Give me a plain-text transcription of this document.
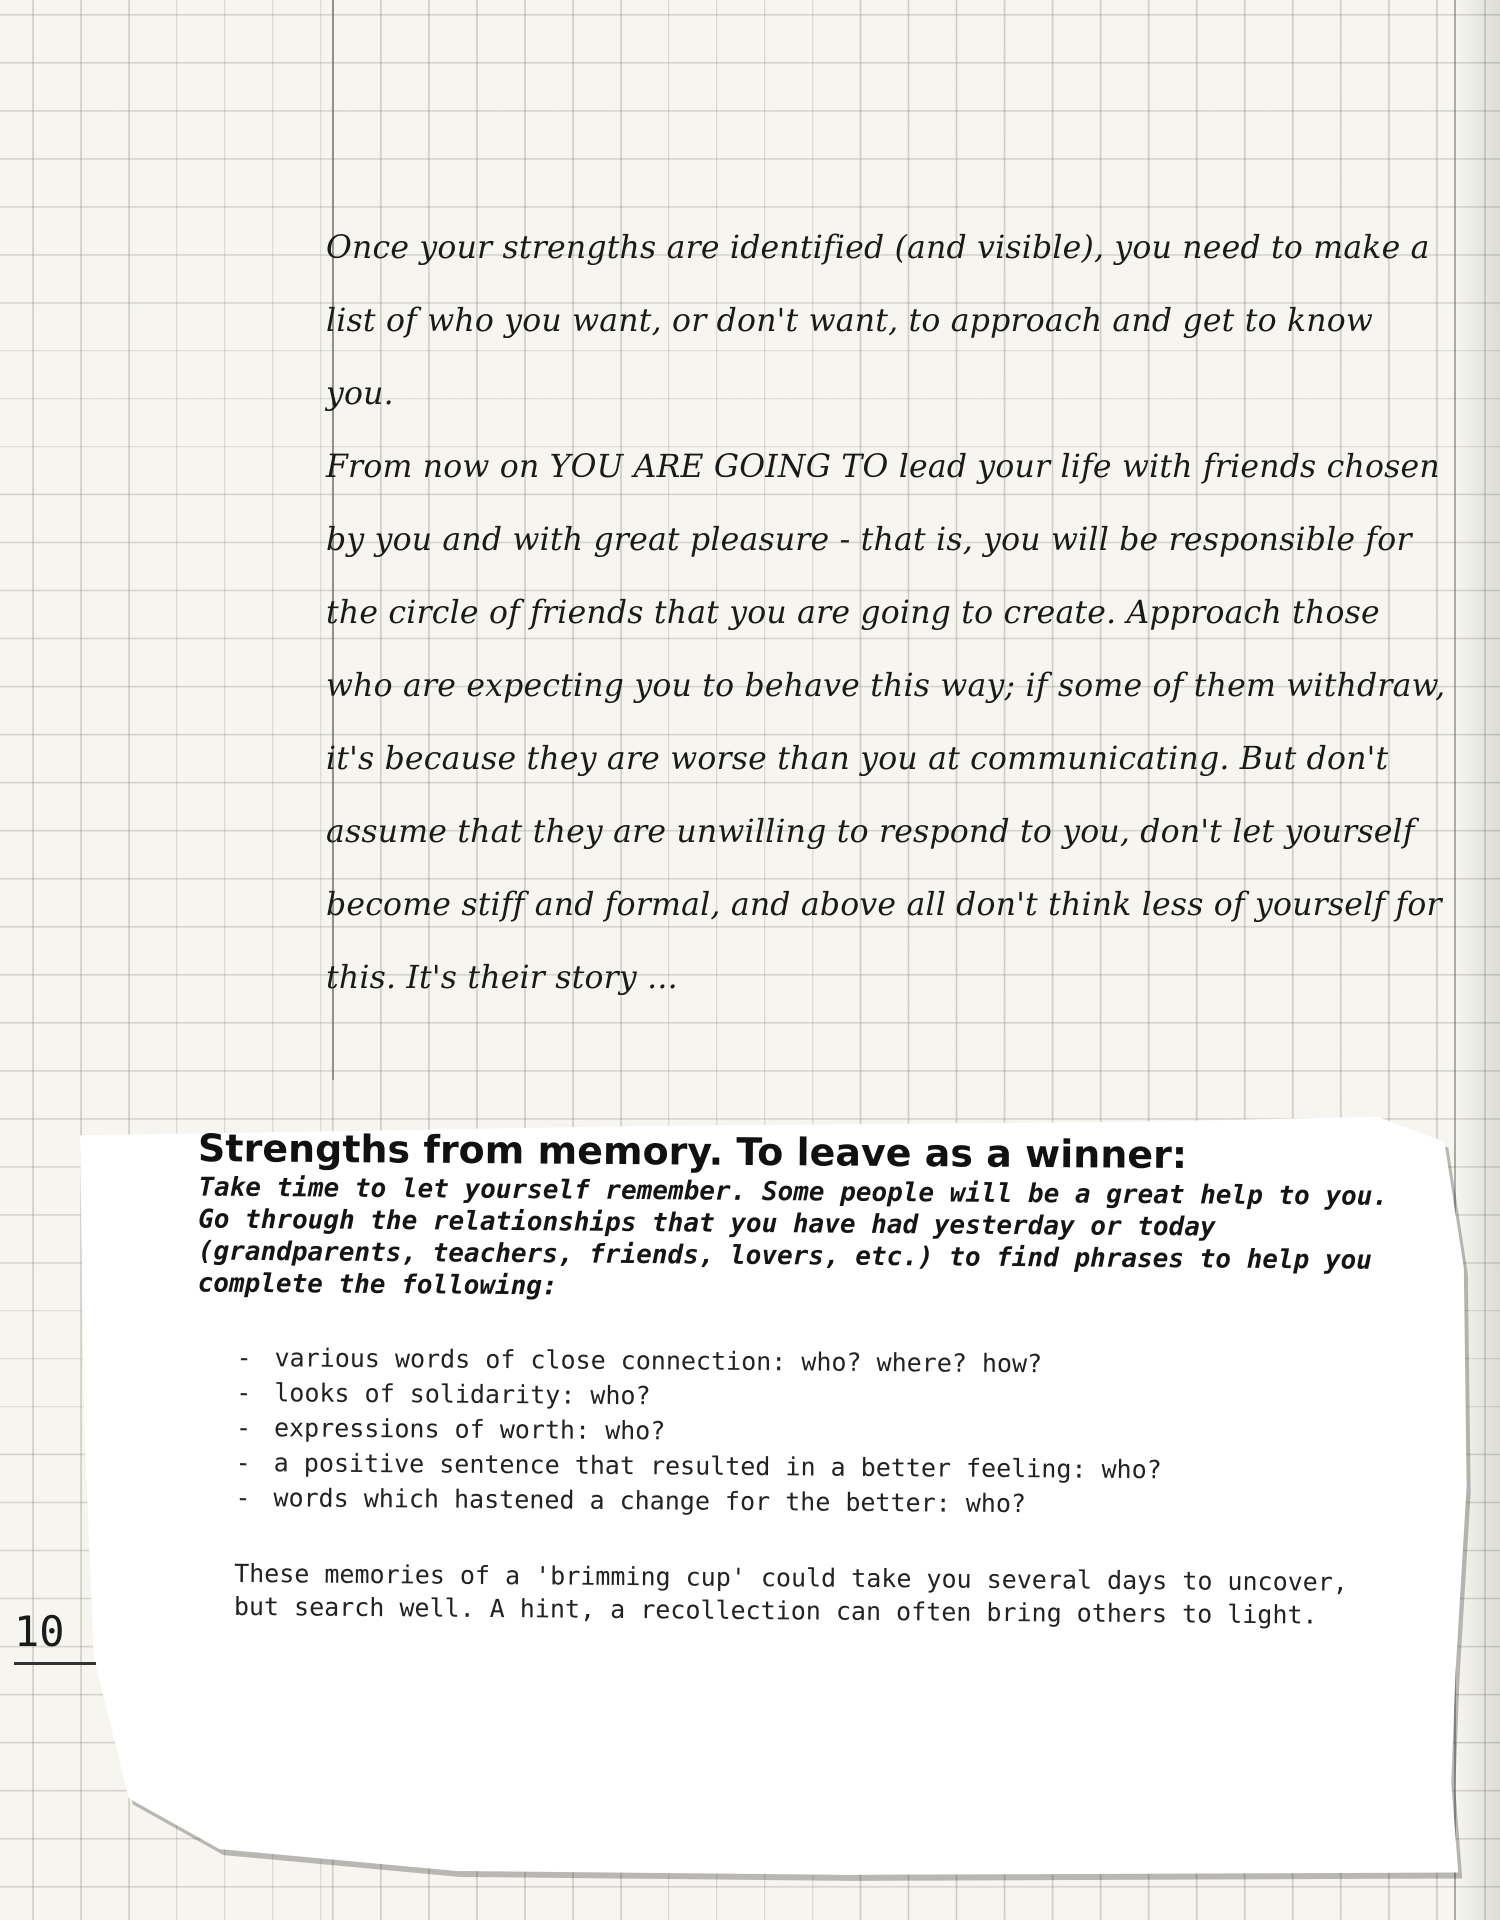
Once your strengths are identified (and visible), you need to make a list of who you want, or don't want, to approach and get to know you.

From now on YOU ARE GOING TO lead your life with friends chosen by you and with great pleasure - that is, you will be responsible for the circle of friends that you are going to create. Approach those who are expecting you to behave this way; if some of them withdraw, it's because they are worse than you at communicating. But don't assume that they are unwilling to respond to you, don't let yourself become stiff and formal, and above all don't think less of yourself for this. It's their story ...

Strengths from memory. To leave as a winner:

Take time to let yourself remember. Some people will be a great help to you. Go through the relationships that you have had yesterday or today (grandparents, teachers, friends, lovers, etc.) to find phrases to help you complete the following:

- various words of close connection: who? where? how?
- looks of solidarity: who?
- expressions of worth: who?
- a positive sentence that resulted in a better feeling: who?
- words which hastened a change for the better: who?

These memories of a 'brimming cup' could take you several days to uncover, but search well. A hint, a recollection can often bring others to light.

10
